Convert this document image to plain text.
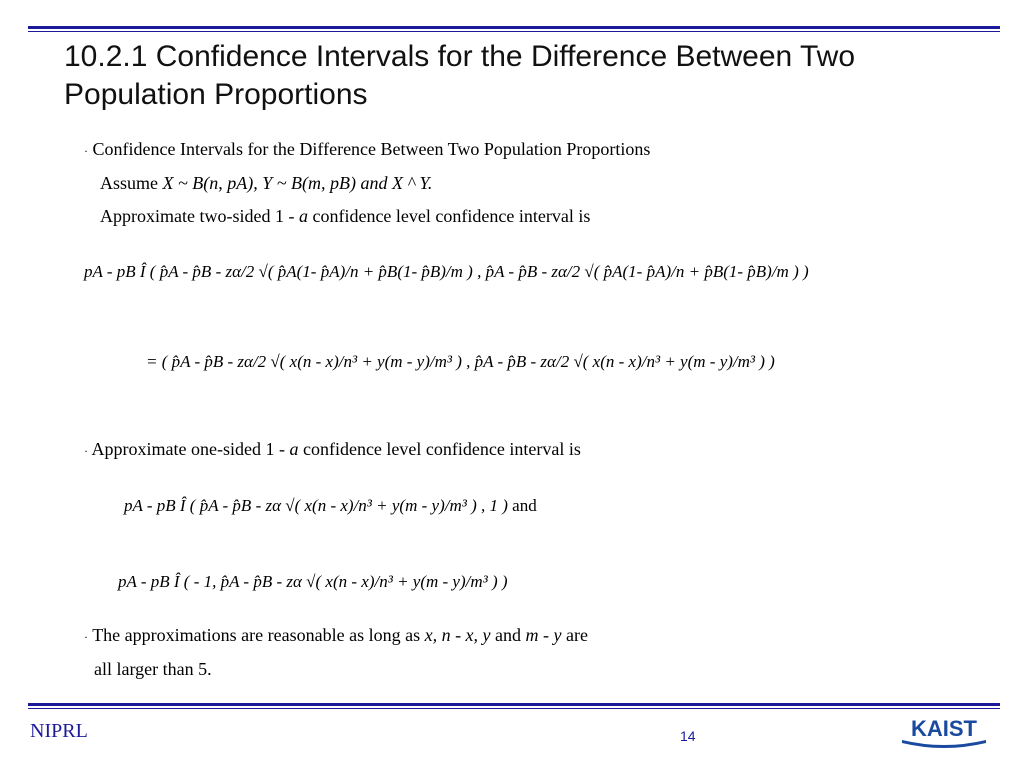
10.2.1 Confidence Intervals for the Difference Between Two Population Proportions
· Confidence Intervals for the Difference Between Two Population Proportions
Assume X ~ B(n, pA), Y ~ B(m, pB) and X ^ Y.
Approximate two-sided 1 - a confidence level confidence interval is
pA - pB Î ( p̂A - p̂B - zα/2 √( p̂A(1- p̂A)/n + p̂B(1- p̂B)/m ) , p̂A - p̂B - zα/2 √( p̂A(1- p̂A)/n + p̂B(1- p̂B)/m ) )
= ( p̂A - p̂B - zα/2 √( x(n - x)/n³ + y(m - y)/m³ ) , p̂A - p̂B - zα/2 √( x(n - x)/n³ + y(m - y)/m³ ) )
· Approximate one-sided 1 - a confidence level confidence interval is
pA - pB Î ( p̂A - p̂B - zα √( x(n - x)/n³ + y(m - y)/m³ ) , 1 ) and
pA - pB Î ( - 1, p̂A - p̂B - zα √( x(n - x)/n³ + y(m - y)/m³ ) )
· The approximations are reasonable as long as x, n - x, y and m - y are
all larger than 5.
NIPRL	14	KAIST
